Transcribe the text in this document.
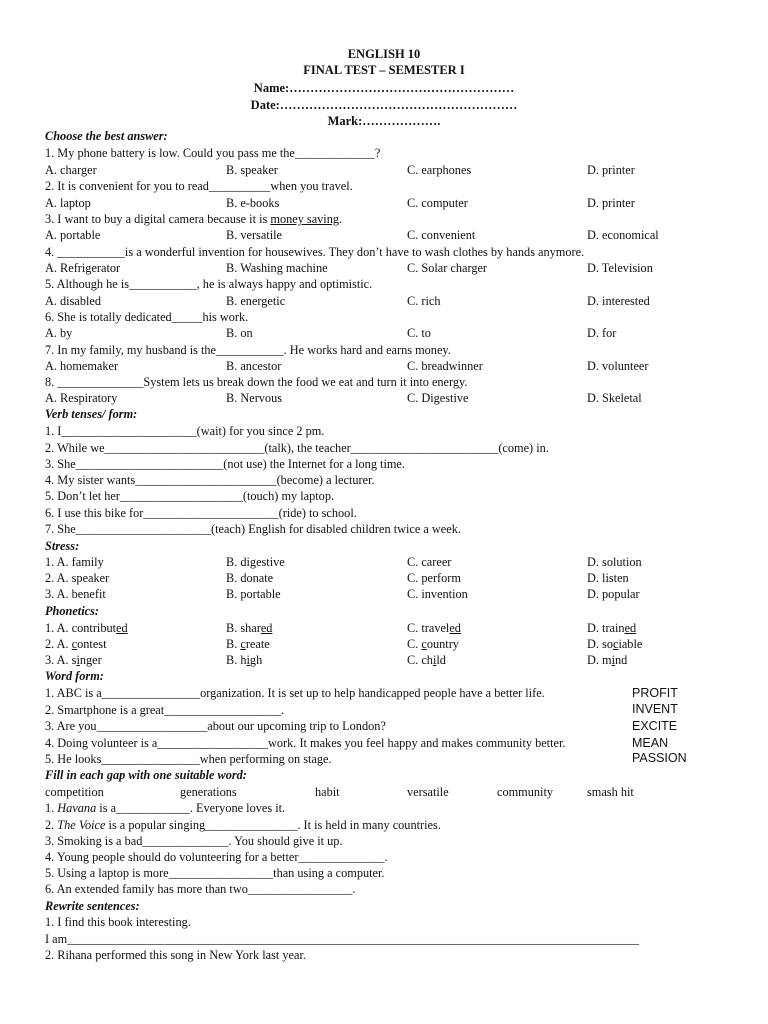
ENGLISH 10
FINAL TEST – SEMESTER I
Name:………………………………………………
Date:…………………………………………………
Mark:……………….
Choose the best answer:
1. My phone battery is low. Could you pass me the_____________?
A. charger	B. speaker	C. earphones	D. printer
2. It is convenient for you to read__________when you travel.
A. laptop	B. e-books	C. computer	D. printer
3. I want to buy a digital camera because it is money saving.
A. portable	B. versatile	C. convenient	D. economical
4. ___________is a wonderful invention for housewives. They don’t have to wash clothes by hands anymore.
A. Refrigerator	B. Washing machine	C. Solar charger	D. Television
5. Although he is___________, he is always happy and optimistic.
A. disabled	B. energetic	C. rich	D. interested
6. She is totally dedicated_____his work.
A. by	B. on	C. to	D. for
7. In my family, my husband is the___________. He works hard and earns money.
A. homemaker	B. ancestor	C. breadwinner	D. volunteer
8. ______________System lets us break down the food we eat and turn it into energy.
A. Respiratory	B. Nervous	C. Digestive	D. Skeletal
Verb tenses/ form:
1. I______________________(wait) for you since 2 pm.
2. While we__________________________(talk), the teacher________________________(come) in.
3. She________________________(not use) the Internet for a long time.
4. My sister wants_______________________(become) a lecturer.
5. Don’t let her____________________(touch) my laptop.
6. I use this bike for______________________(ride) to school.
7. She______________________(teach) English for disabled children twice a week.
Stress:
1. A. family	B. digestive	C. career	D. solution
2. A. speaker	B. donate	C. perform	D. listen
3. A. benefit	B. portable	C. invention	D. popular
Phonetics:
1. A. contributed	B. shared	C. traveled	D. trained
2. A. contest	B. create	C. country	D. sociable
3. A. singer	B. high	C. child	D. mind
Word form:
1. ABC is a________________organization. It is set up to help handicapped people have a better life.	PROFIT
2. Smartphone is a great___________________.	INVENT
3. Are you__________________about our upcoming trip to London?	EXCITE
4. Doing volunteer is a__________________work. It makes you feel happy and makes community better.	MEAN
5. He looks________________when performing on stage.	PASSION
Fill in each gap with one suitable word:
competition	generations	habit	versatile	community	smash hit
1. Havana is a____________. Everyone loves it.
2. The Voice is a popular singing_______________. It is held in many countries.
3. Smoking is a bad______________. You should give it up.
4. Young people should do volunteering for a better______________.
5. Using a laptop is more_________________than using a computer.
6. An extended family has more than two_________________.
Rewrite sentences:
1. I find this book interesting.
I am_____________________________________________________________________________________________
2. Rihana performed this song in New York last year.
